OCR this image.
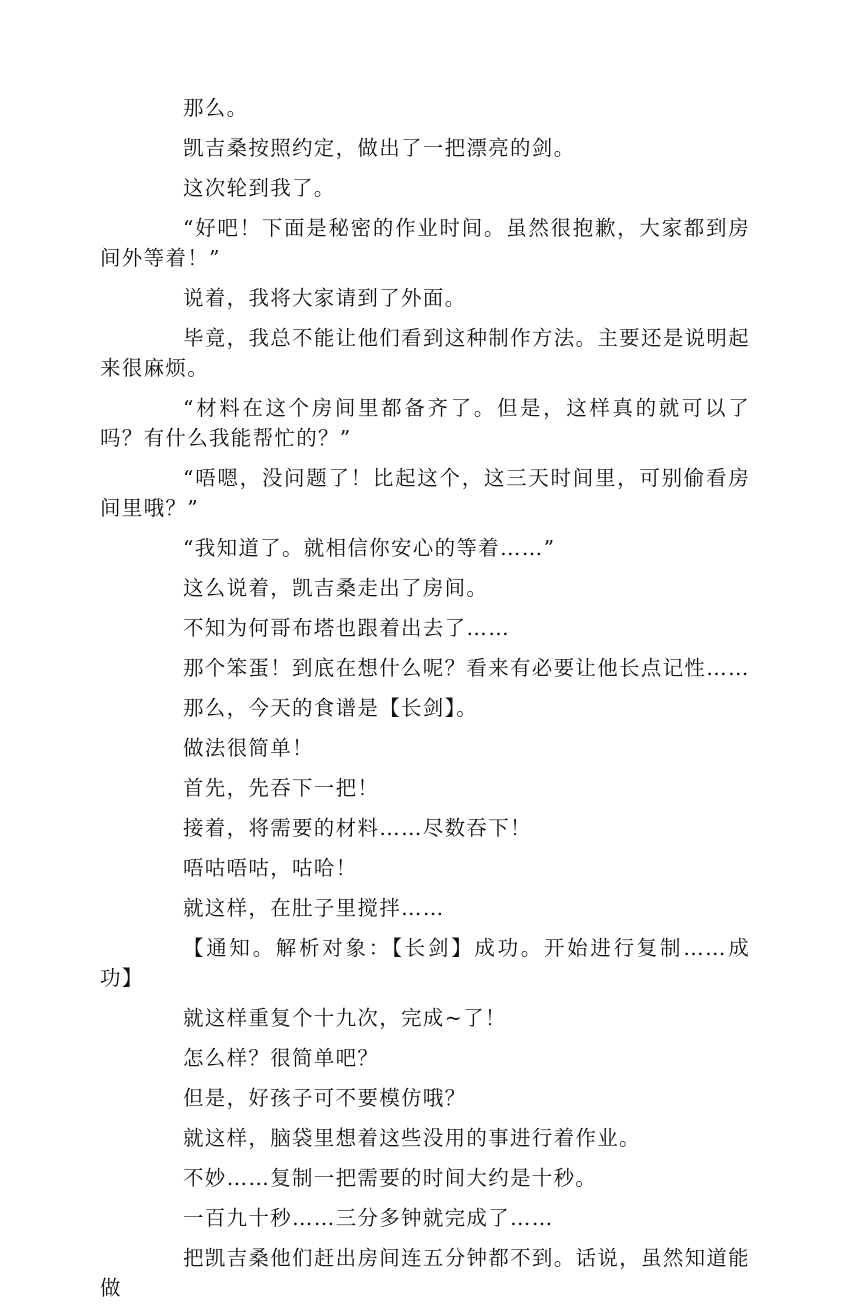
那么。

凯吉桑按照约定，做出了一把漂亮的剑。

这次轮到我了。

“好吧！下面是秘密的作业时间。虽然很抱歉，大家都到房间外等着！”

说着，我将大家请到了外面。

毕竟，我总不能让他们看到这种制作方法。主要还是说明起来很麻烦。

“材料在这个房间里都备齐了。但是，这样真的就可以了吗？有什么我能帮忙的？”

“唔嗯，没问题了！比起这个，这三天时间里，可别偷看房间里哦？”

“我知道了。就相信你安心的等着……”

这么说着，凯吉桑走出了房间。

不知为何哥布塔也跟着出去了……

那个笨蛋！到底在想什么呢？看来有必要让他长点记性……

那么，今天的食谱是【长剑】。

做法很简单！

首先，先吞下一把！

接着，将需要的材料……尽数吞下！

唔咕唔咕，咕哈！

就这样，在肚子里搅拌……

【通知。解析对象：【长剑】成功。开始进行复制……成功】

就这样重复个十九次，完成~了！

怎么样？很简单吧？

但是，好孩子可不要模仿哦？

就这样，脑袋里想着这些没用的事进行着作业。

不妙……复制一把需要的时间大约是十秒。

一百九十秒……三分多钟就完成了……

把凯吉桑他们赶出房间连五分钟都不到。话说，虽然知道能做
